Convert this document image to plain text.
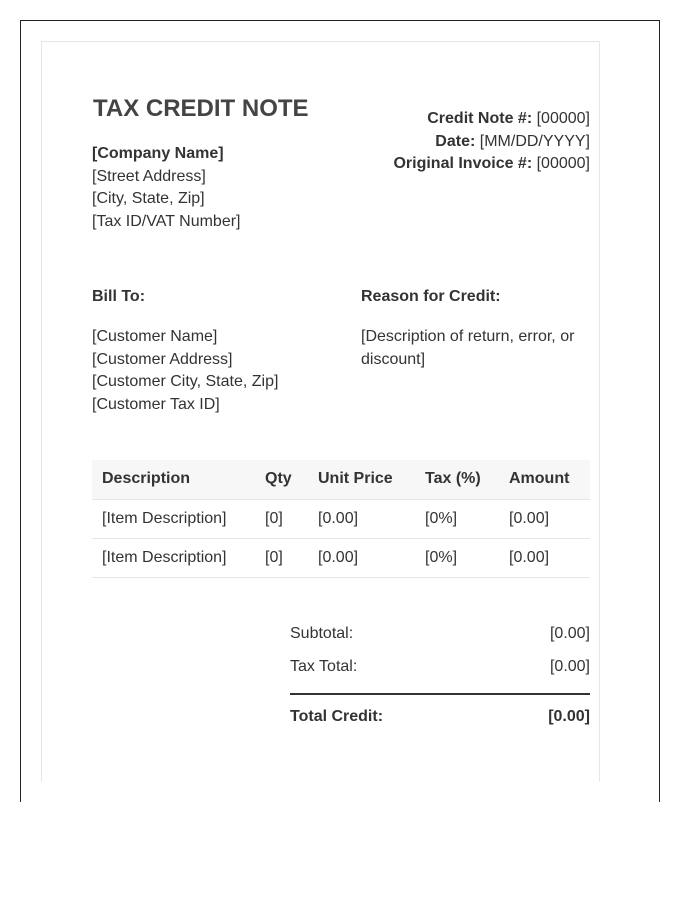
TAX CREDIT NOTE
[Company Name]
[Street Address]
[City, State, Zip]
[Tax ID/VAT Number]
Credit Note #: [00000]
Date: [MM/DD/YYYY]
Original Invoice #: [00000]
Bill To:
[Customer Name]
[Customer Address]
[Customer City, State, Zip]
[Customer Tax ID]
Reason for Credit:
[Description of return, error, or
discount]
Description	Qty	Unit Price	Tax (%)	Amount
[Item Description]	[0]	[0.00]	[0%]	[0.00]
[Item Description]	[0]	[0.00]	[0%]	[0.00]
Subtotal:	[0.00]
Tax Total:	[0.00]
Total Credit:	[0.00]
